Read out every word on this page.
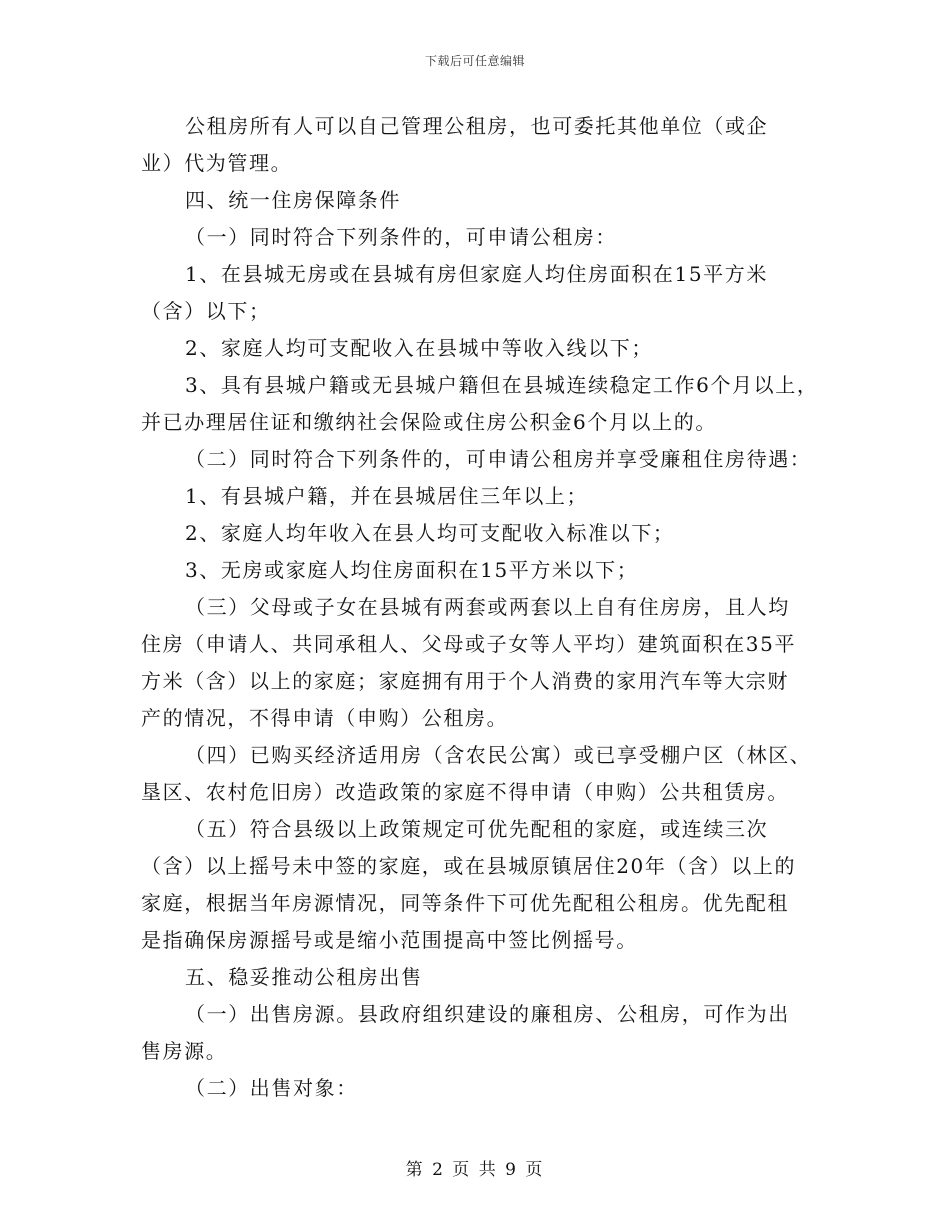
下载后可任意编辑
公租房所有人可以自己管理公租房，也可委托其他单位（或企
业）代为管理。
四、统一住房保障条件
（一）同时符合下列条件的，可申请公租房：
1、在县城无房或在县城有房但家庭人均住房面积在15平方米
（含）以下；
2、家庭人均可支配收入在县城中等收入线以下；
3、具有县城户籍或无县城户籍但在县城连续稳定工作6个月以上，
并已办理居住证和缴纳社会保险或住房公积金6个月以上的。
（二）同时符合下列条件的，可申请公租房并享受廉租住房待遇：
1、有县城户籍，并在县城居住三年以上；
2、家庭人均年收入在县人均可支配收入标准以下；
3、无房或家庭人均住房面积在15平方米以下；
（三）父母或子女在县城有两套或两套以上自有住房房，且人均
住房（申请人、共同承租人、父母或子女等人平均）建筑面积在35平
方米（含）以上的家庭；家庭拥有用于个人消费的家用汽车等大宗财
产的情况，不得申请（申购）公租房。
（四）已购买经济适用房（含农民公寓）或已享受棚户区（林区、
垦区、农村危旧房）改造政策的家庭不得申请（申购）公共租赁房。
（五）符合县级以上政策规定可优先配租的家庭，或连续三次
（含）以上摇号未中签的家庭，或在县城原镇居住20年（含）以上的
家庭，根据当年房源情况，同等条件下可优先配租公租房。优先配租
是指确保房源摇号或是缩小范围提高中签比例摇号。
五、稳妥推动公租房出售
（一）出售房源。县政府组织建设的廉租房、公租房，可作为出
售房源。
（二）出售对象：
第 2 页 共 9 页
